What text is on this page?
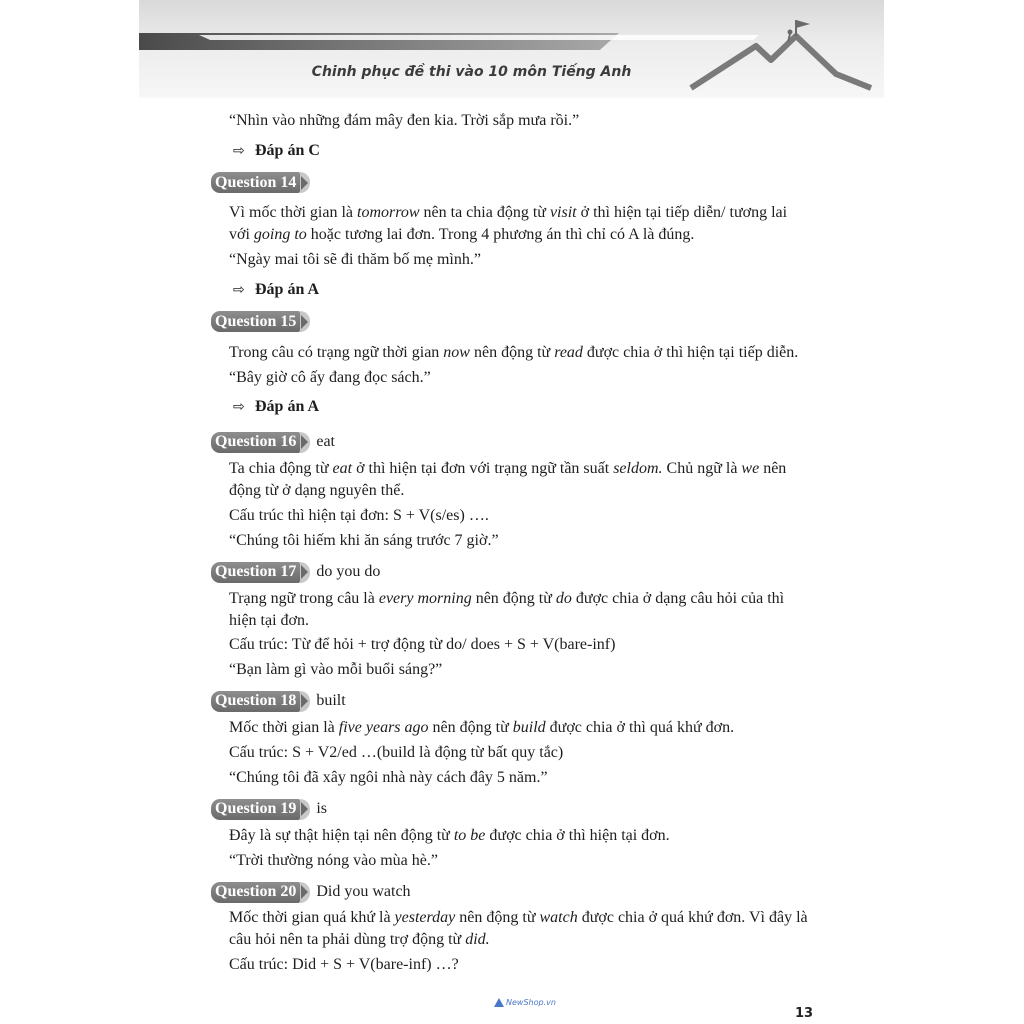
Chinh phục đề thi vào 10 môn Tiếng Anh
“Nhìn vào những đám mây đen kia. Trời sắp mưa rồi.”
⇨ Đáp án C
Question 14
Vì mốc thời gian là tomorrow nên ta chia động từ visit ở thì hiện tại tiếp diễn/ tương lai với going to hoặc tương lai đơn. Trong 4 phương án thì chỉ có A là đúng.
“Ngày mai tôi sẽ đi thăm bố mẹ mình.”
⇨ Đáp án A
Question 15
Trong câu có trạng ngữ thời gian now nên động từ read được chia ở thì hiện tại tiếp diễn.
“Bây giờ cô ấy đang đọc sách.”
⇨ Đáp án A
Question 16 eat
Ta chia động từ eat ở thì hiện tại đơn với trạng ngữ tần suất seldom. Chủ ngữ là we nên động từ ở dạng nguyên thể.
Cấu trúc thì hiện tại đơn: S + V(s/es) ….
“Chúng tôi hiếm khi ăn sáng trước 7 giờ.”
Question 17 do you do
Trạng ngữ trong câu là every morning nên động từ do được chia ở dạng câu hỏi của thì hiện tại đơn.
Cấu trúc: Từ để hỏi + trợ động từ do/ does + S + V(bare-inf)
“Bạn làm gì vào mỗi buổi sáng?”
Question 18 built
Mốc thời gian là five years ago nên động từ build được chia ở thì quá khứ đơn.
Cấu trúc: S + V2/ed …(build là động từ bất quy tắc)
“Chúng tôi đã xây ngôi nhà này cách đây 5 năm.”
Question 19 is
Đây là sự thật hiện tại nên động từ to be được chia ở thì hiện tại đơn.
“Trời thường nóng vào mùa hè.”
Question 20 Did you watch
Mốc thời gian quá khứ là yesterday nên động từ watch được chia ở quá khứ đơn. Vì đây là câu hỏi nên ta phải dùng trợ động từ did.
Cấu trúc: Did + S + V(bare-inf) …?
NewShop.vn
13
